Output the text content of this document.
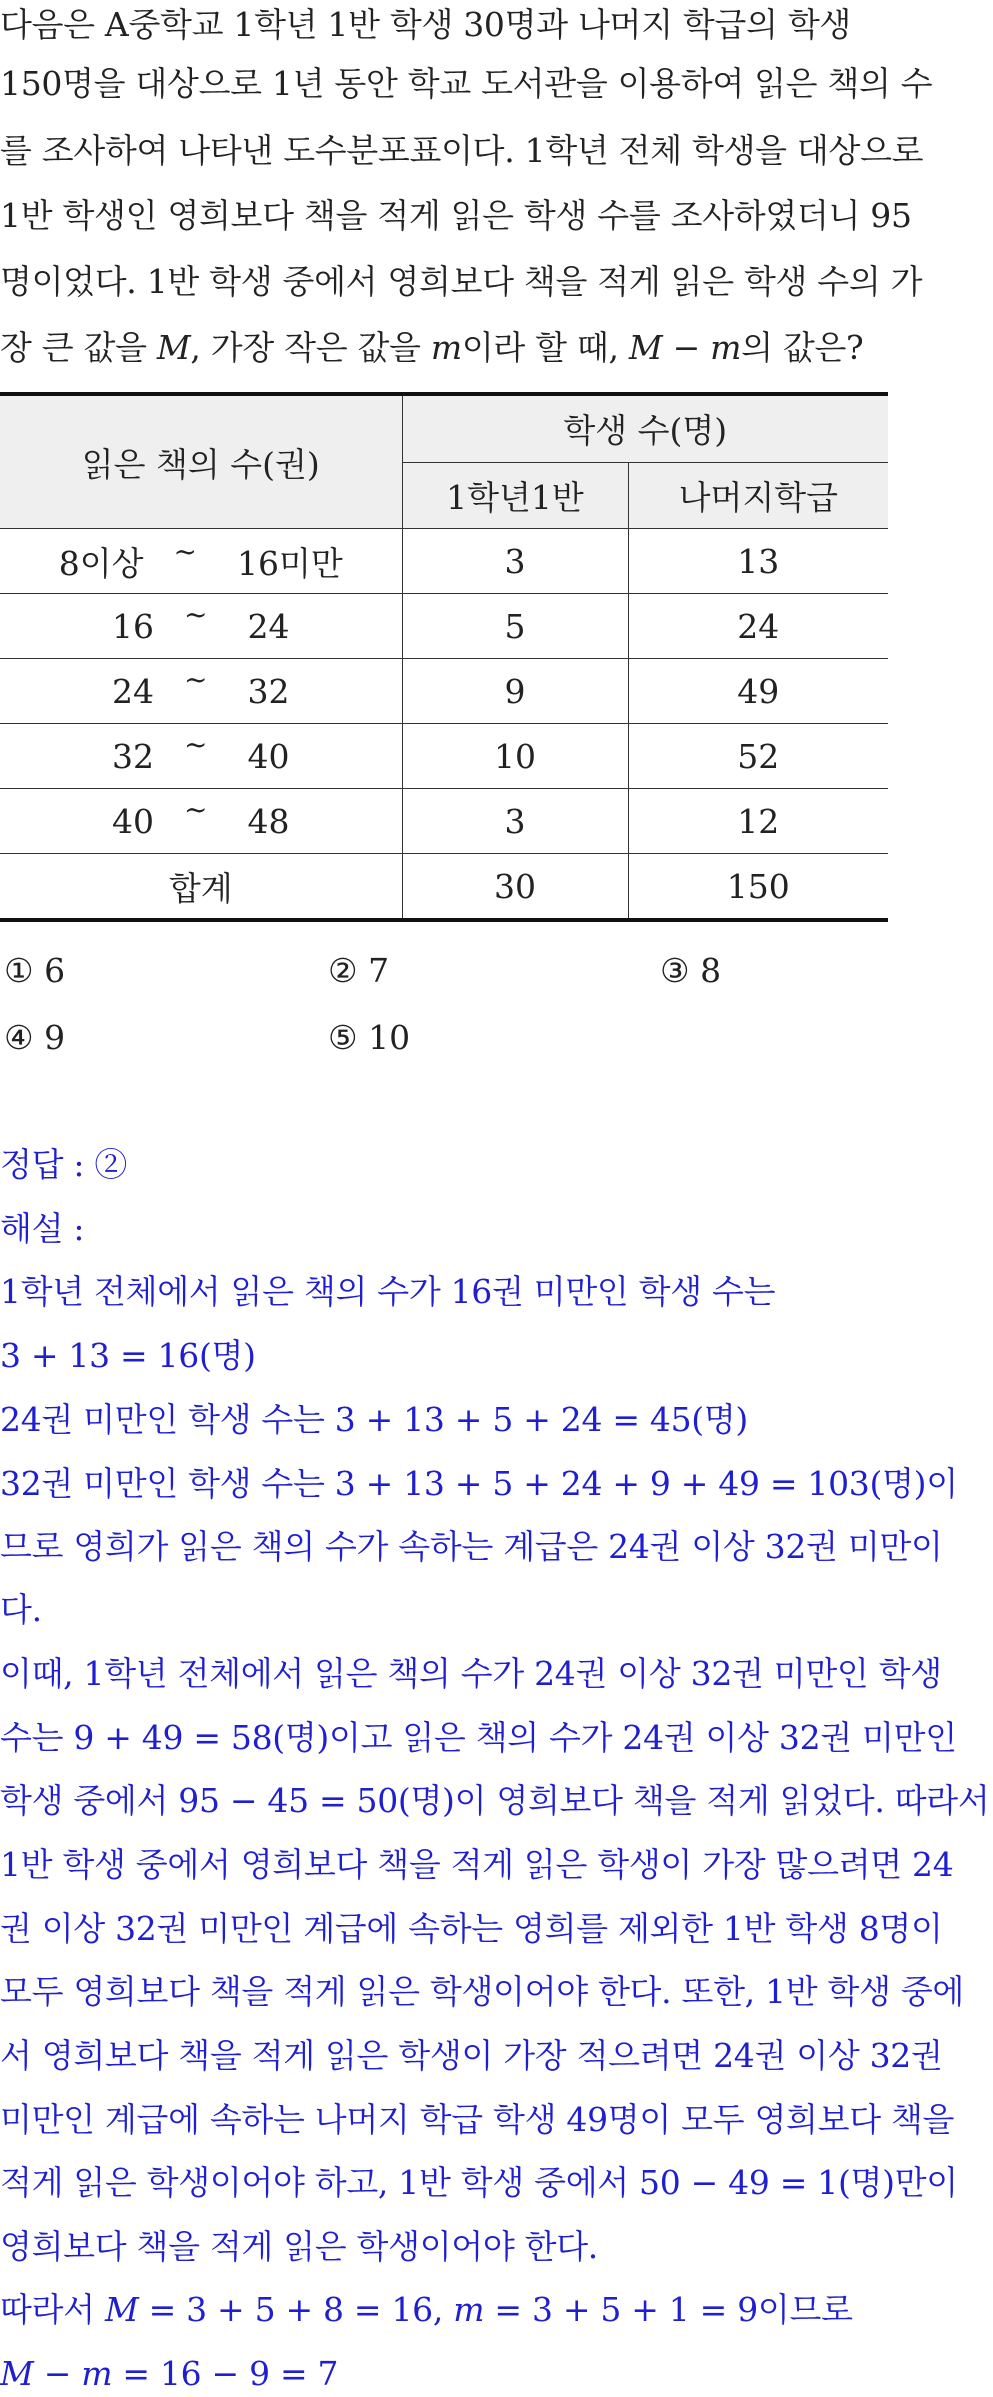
다음은 A중학교 1학년 1반 학생 30명과 나머지 학급의 학생
150명을 대상으로 1년 동안 학교 도서관을 이용하여 읽은 책의 수
를 조사하여 나타낸 도수분포표이다. 1학년 전체 학생을 대상으로
1반 학생인 영희보다 책을 적게 읽은 학생 수를 조사하였더니 95
명이었다. 1반 학생 중에서 영희보다 책을 적게 읽은 학생 수의 가
장 큰 값을 M, 가장 작은 값을 m이라 할 때, M − m의 값은?
읽은 책의 수(권)	학생 수(명)	
	1학년1반	나머지학급
8이상 ~ 16미만	3	13
16 ~ 24	5	24
24 ~ 32	9	49
32 ~ 40	10	52
40 ~ 48	3	12
합계	30	150
① 6	② 7	③ 8
④ 9	⑤ 10
정답 : ②
해설 :
1학년 전체에서 읽은 책의 수가 16권 미만인 학생 수는
3 + 13 = 16(명)
24권 미만인 학생 수는 3 + 13 + 5 + 24 = 45(명)
32권 미만인 학생 수는 3 + 13 + 5 + 24 + 9 + 49 = 103(명)이
므로 영희가 읽은 책의 수가 속하는 계급은 24권 이상 32권 미만이
다.
이때, 1학년 전체에서 읽은 책의 수가 24권 이상 32권 미만인 학생
수는 9 + 49 = 58(명)이고 읽은 책의 수가 24권 이상 32권 미만인
학생 중에서 95 − 45 = 50(명)이 영희보다 책을 적게 읽었다. 따라서
1반 학생 중에서 영희보다 책을 적게 읽은 학생이 가장 많으려면 24
권 이상 32권 미만인 계급에 속하는 영희를 제외한 1반 학생 8명이
모두 영희보다 책을 적게 읽은 학생이어야 한다. 또한, 1반 학생 중에
서 영희보다 책을 적게 읽은 학생이 가장 적으려면 24권 이상 32권
미만인 계급에 속하는 나머지 학급 학생 49명이 모두 영희보다 책을
적게 읽은 학생이어야 하고, 1반 학생 중에서 50 − 49 = 1(명)만이
영희보다 책을 적게 읽은 학생이어야 한다.
따라서 M = 3 + 5 + 8 = 16, m = 3 + 5 + 1 = 9이므로
M − m = 16 − 9 = 7
